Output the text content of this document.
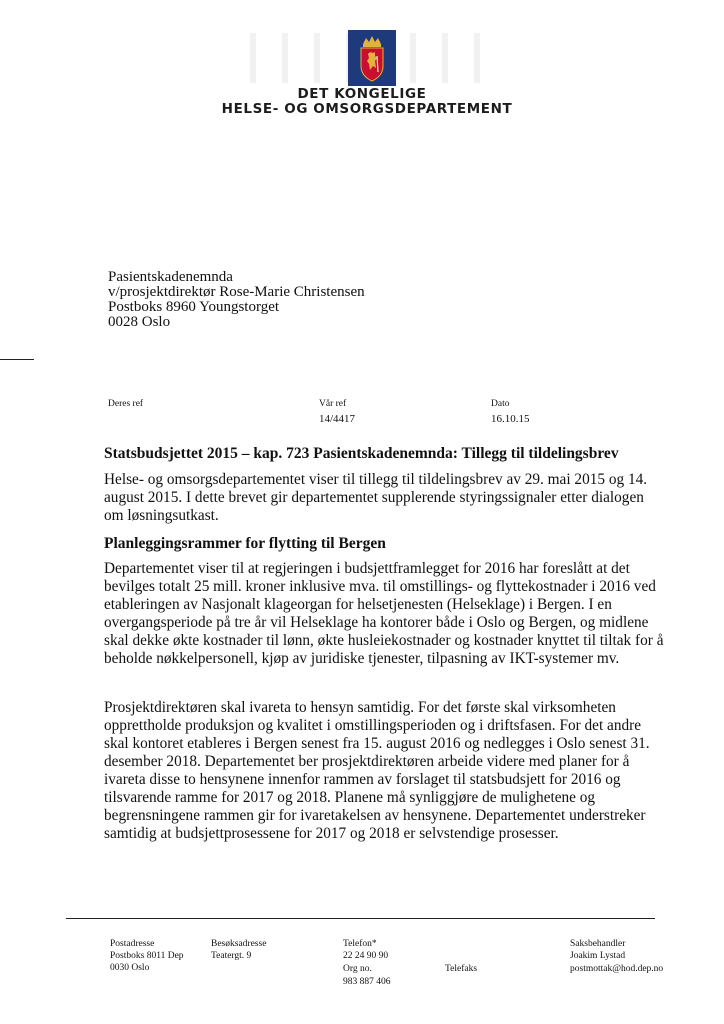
DET KONGELIGE
HELSE- OG OMSORGSDEPARTEMENT
Pasientskadenemnda
v/prosjektdirektør Rose-Marie Christensen
Postboks 8960 Youngstorget
0028 Oslo
Deres ref	Vår ref
14/4417
Dato
16.10.15
Statsbudsjettet 2015 – kap. 723 Pasientskadenemnda: Tillegg til tildelingsbrev
Helse- og omsorgsdepartementet viser til tillegg til tildelingsbrev av 29. mai 2015 og 14. august 2015. I dette brevet gir departementet supplerende styringssignaler etter dialogen om løsningsutkast.
Planleggingsrammer for flytting til Bergen
Departementet viser til at regjeringen i budsjettframlegget for 2016 har foreslått at det bevilges totalt 25 mill. kroner inklusive mva. til omstillings- og flyttekostnader i 2016 ved etableringen av Nasjonalt klageorgan for helsetjenesten (Helseklage) i Bergen. I en overgangsperiode på tre år vil Helseklage ha kontorer både i Oslo og Bergen, og midlene skal dekke økte kostnader til lønn, økte husleiekostnader og kostnader knyttet til tiltak for å beholde nøkkelpersonell, kjøp av juridiske tjenester, tilpasning av IKT-systemer mv.
Prosjektdirektøren skal ivareta to hensyn samtidig. For det første skal virksomheten opprettholde produksjon og kvalitet i omstillingsperioden og i driftsfasen. For det andre skal kontoret etableres i Bergen senest fra 15. august 2016 og nedlegges i Oslo senest 31. desember 2018. Departementet ber prosjektdirektøren arbeide videre med planer for å ivareta disse to hensynene innenfor rammen av forslaget til statsbudsjett for 2016 og tilsvarende ramme for 2017 og 2018. Planene må synliggjøre de mulighetene og begrensningene rammen gir for ivaretakelsen av hensynene. Departementet understreker samtidig at budsjettprosessene for 2017 og 2018 er selvstendige prosesser.
Postadresse
Postboks 8011 Dep
0030 Oslo
Besøksadresse
Teatergt. 9
Telefon*
22 24 90 90
Org no.
983 887 406
Telefaks
Saksbehandler
Joakim Lystad
postmottak@hod.dep.no
